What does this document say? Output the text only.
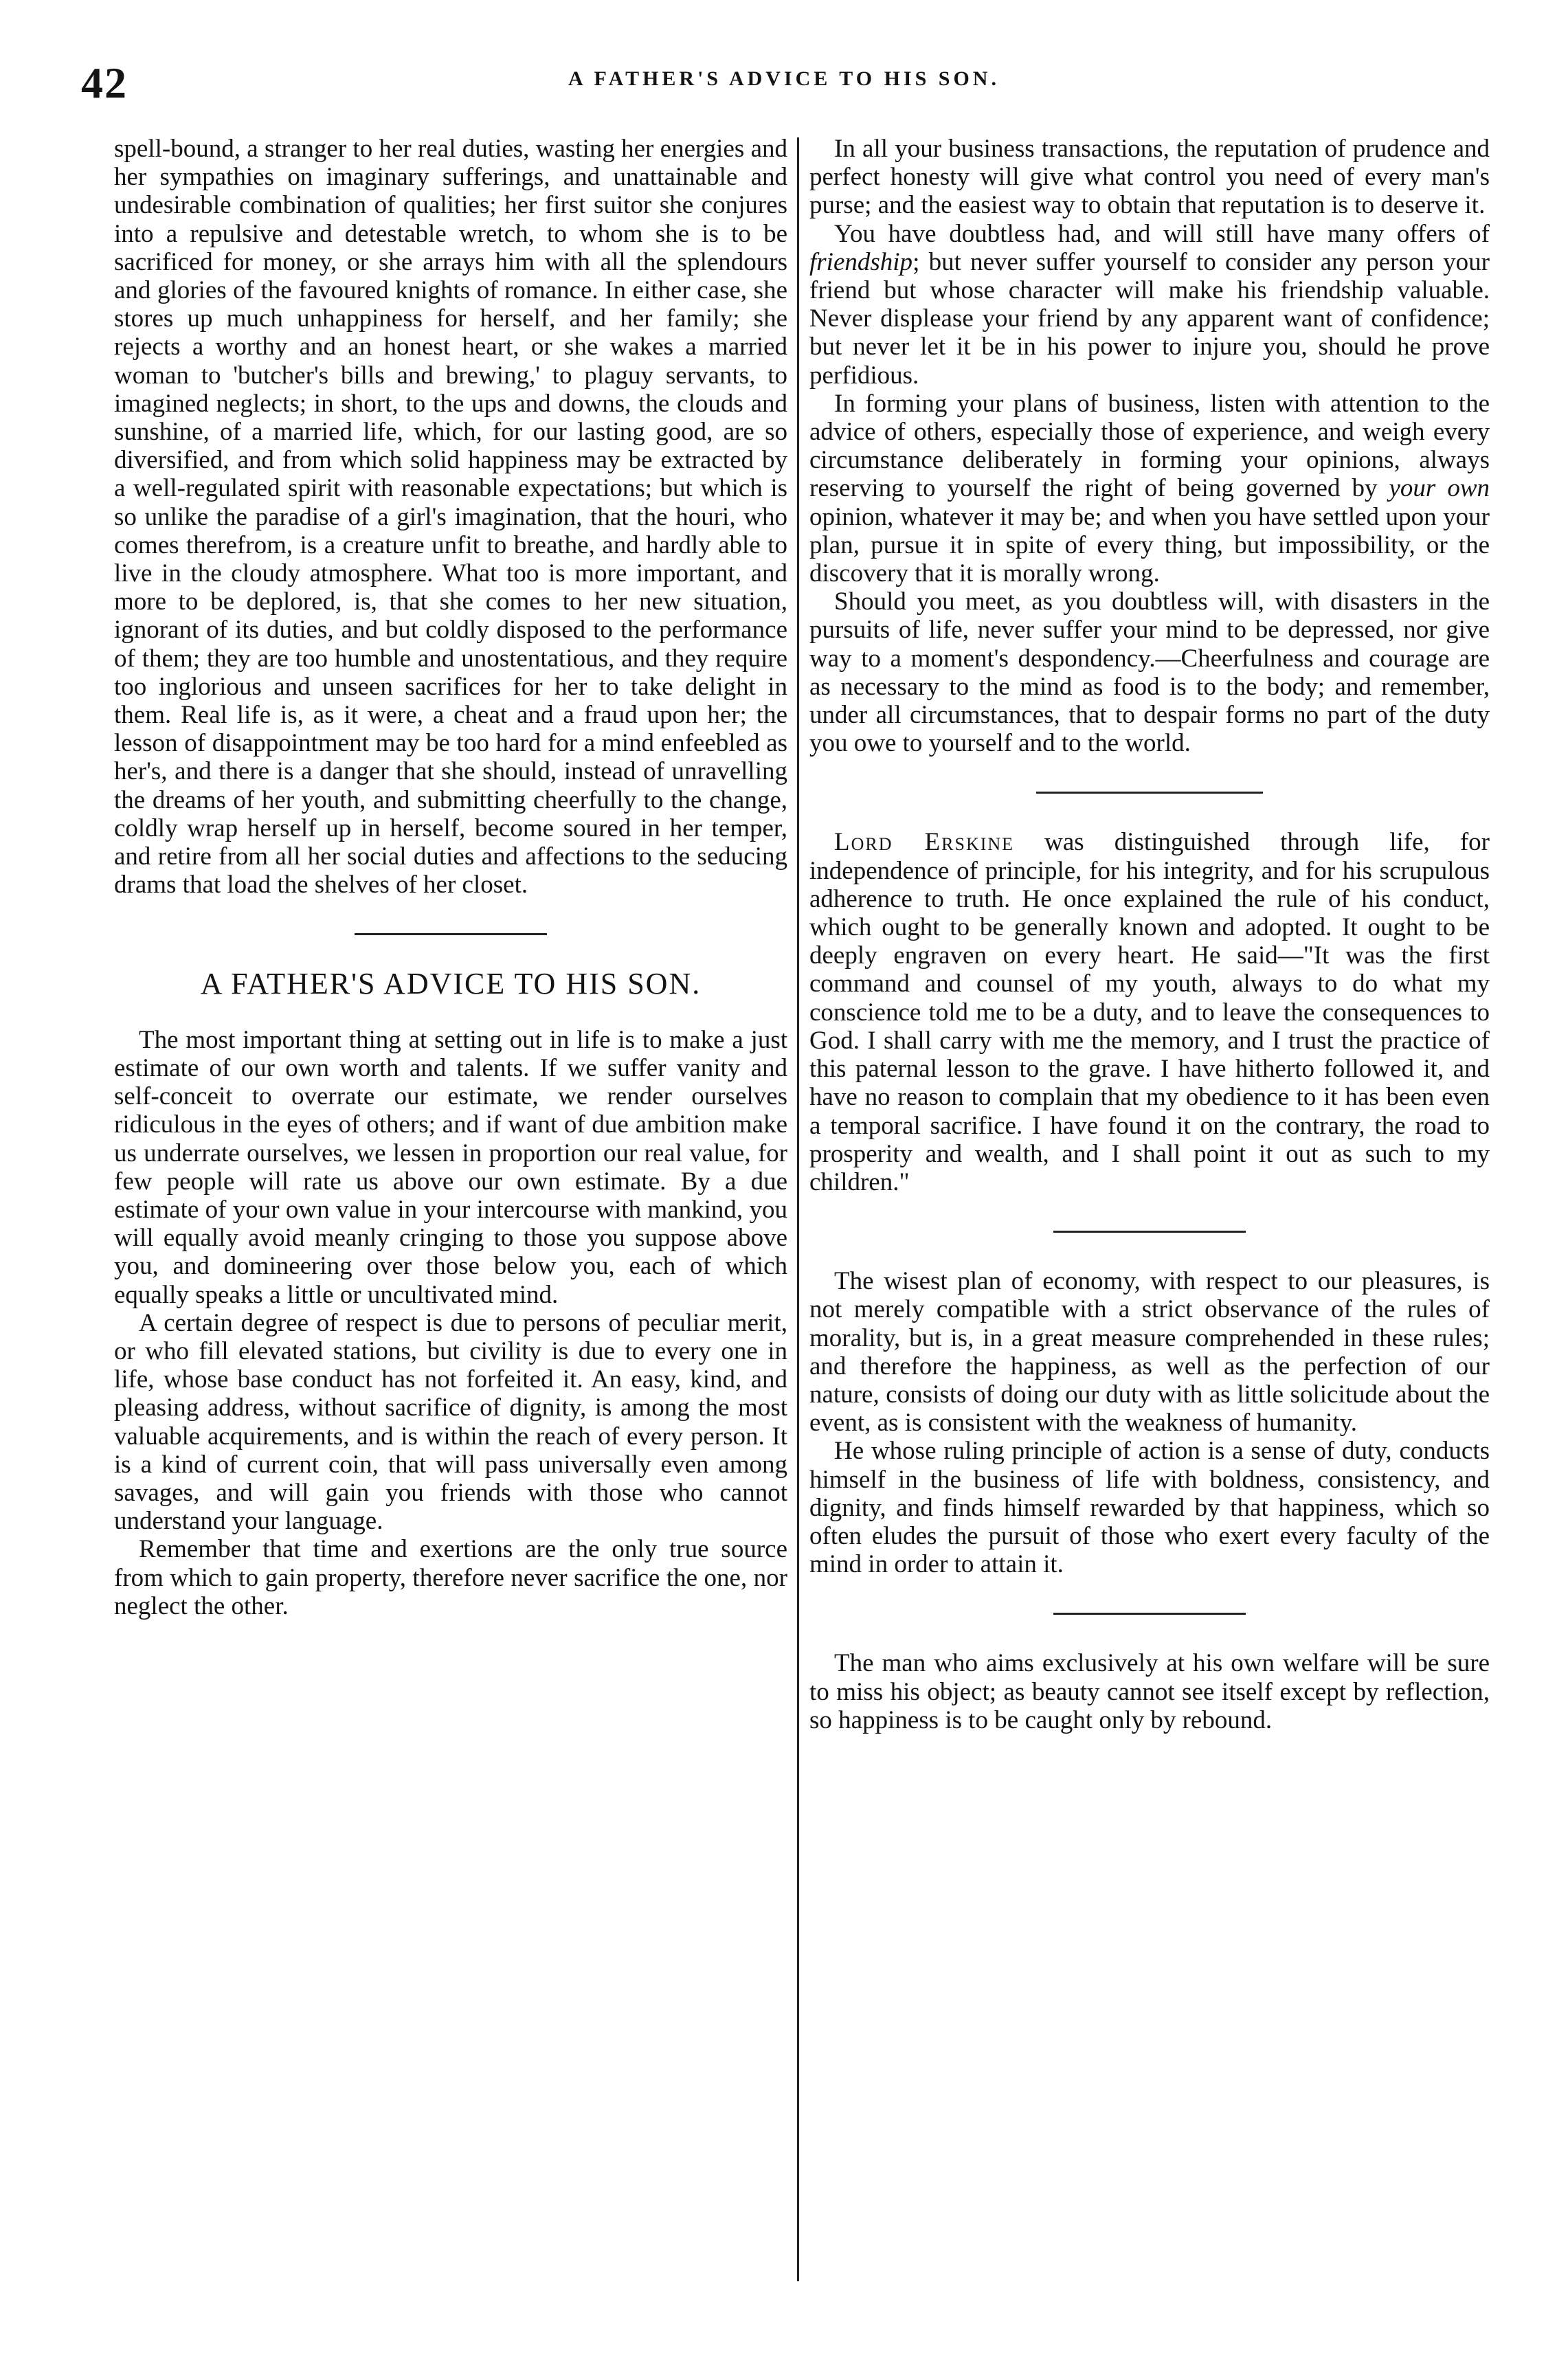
42	A FATHER'S ADVICE TO HIS SON.

spell-bound, a stranger to her real duties, wasting her energies and her sympathies on imaginary sufferings, and unattainable and undesirable combination of qualities; her first suitor she conjures into a repulsive and detestable wretch, to whom she is to be sacrificed for money, or she arrays him with all the splendours and glories of the favoured knights of romance. In either case, she stores up much unhappiness for herself, and her family; she rejects a worthy and an honest heart, or she wakes a married woman to 'butcher's bills and brewing,' to plaguy servants, to imagined neglects; in short, to the ups and downs, the clouds and sunshine, of a married life, which, for our lasting good, are so diversified, and from which solid happiness may be extracted by a well-regulated spirit with reasonable expectations; but which is so unlike the paradise of a girl's imagination, that the houri, who comes therefrom, is a creature unfit to breathe, and hardly able to live in the cloudy atmosphere. What too is more important, and more to be deplored, is, that she comes to her new situation, ignorant of its duties, and but coldly disposed to the performance of them; they are too humble and unostentatious, and they require too inglorious and unseen sacrifices for her to take delight in them. Real life is, as it were, a cheat and a fraud upon her; the lesson of disappointment may be too hard for a mind enfeebled as her's, and there is a danger that she should, instead of unravelling the dreams of her youth, and submitting cheerfully to the change, coldly wrap herself up in herself, become soured in her temper, and retire from all her social duties and affections to the seducing drams that load the shelves of her closet.

A FATHER'S ADVICE TO HIS SON.

The most important thing at setting out in life is to make a just estimate of our own worth and talents. If we suffer vanity and self-conceit to overrate our estimate, we render ourselves ridiculous in the eyes of others; and if want of due ambition make us underrate ourselves, we lessen in proportion our real value, for few people will rate us above our own estimate. By a due estimate of your own value in your intercourse with mankind, you will equally avoid meanly cringing to those you suppose above you, and domineering over those below you, each of which equally speaks a little or uncultivated mind.

A certain degree of respect is due to persons of peculiar merit, or who fill elevated stations, but civility is due to every one in life, whose base conduct has not forfeited it. An easy, kind, and pleasing address, without sacrifice of dignity, is among the most valuable acquirements, and is within the reach of every person. It is a kind of current coin, that will pass universally even among savages, and will gain you friends with those who cannot understand your language.

Remember that time and exertions are the only true source from which to gain property, therefore never sacrifice the one, nor neglect the other.

In all your business transactions, the reputation of prudence and perfect honesty will give what control you need of every man's purse; and the easiest way to obtain that reputation is to deserve it.

You have doubtless had, and will still have many offers of friendship; but never suffer yourself to consider any person your friend but whose character will make his friendship valuable. Never displease your friend by any apparent want of confidence; but never let it be in his power to injure you, should he prove perfidious.

In forming your plans of business, listen with attention to the advice of others, especially those of experience, and weigh every circumstance deliberately in forming your opinions, always reserving to yourself the right of being governed by your own opinion, whatever it may be; and when you have settled upon your plan, pursue it in spite of every thing, but impossibility, or the discovery that it is morally wrong.

Should you meet, as you doubtless will, with disasters in the pursuits of life, never suffer your mind to be depressed, nor give way to a moment's despondency.—Cheerfulness and courage are as necessary to the mind as food is to the body; and remember, under all circumstances, that to despair forms no part of the duty you owe to yourself and to the world.

Lord Erskine was distinguished through life, for independence of principle, for his integrity, and for his scrupulous adherence to truth. He once explained the rule of his conduct, which ought to be generally known and adopted. It ought to be deeply engraven on every heart. He said—"It was the first command and counsel of my youth, always to do what my conscience told me to be a duty, and to leave the consequences to God. I shall carry with me the memory, and I trust the practice of this paternal lesson to the grave. I have hitherto followed it, and have no reason to complain that my obedience to it has been even a temporal sacrifice. I have found it on the contrary, the road to prosperity and wealth, and I shall point it out as such to my children."

The wisest plan of economy, with respect to our pleasures, is not merely compatible with a strict observance of the rules of morality, but is, in a great measure comprehended in these rules; and therefore the happiness, as well as the perfection of our nature, consists of doing our duty with as little solicitude about the event, as is consistent with the weakness of humanity.

He whose ruling principle of action is a sense of duty, conducts himself in the business of life with boldness, consistency, and dignity, and finds himself rewarded by that happiness, which so often eludes the pursuit of those who exert every faculty of the mind in order to attain it.

The man who aims exclusively at his own welfare will be sure to miss his object; as beauty cannot see itself except by reflection, so happiness is to be caught only by rebound.
